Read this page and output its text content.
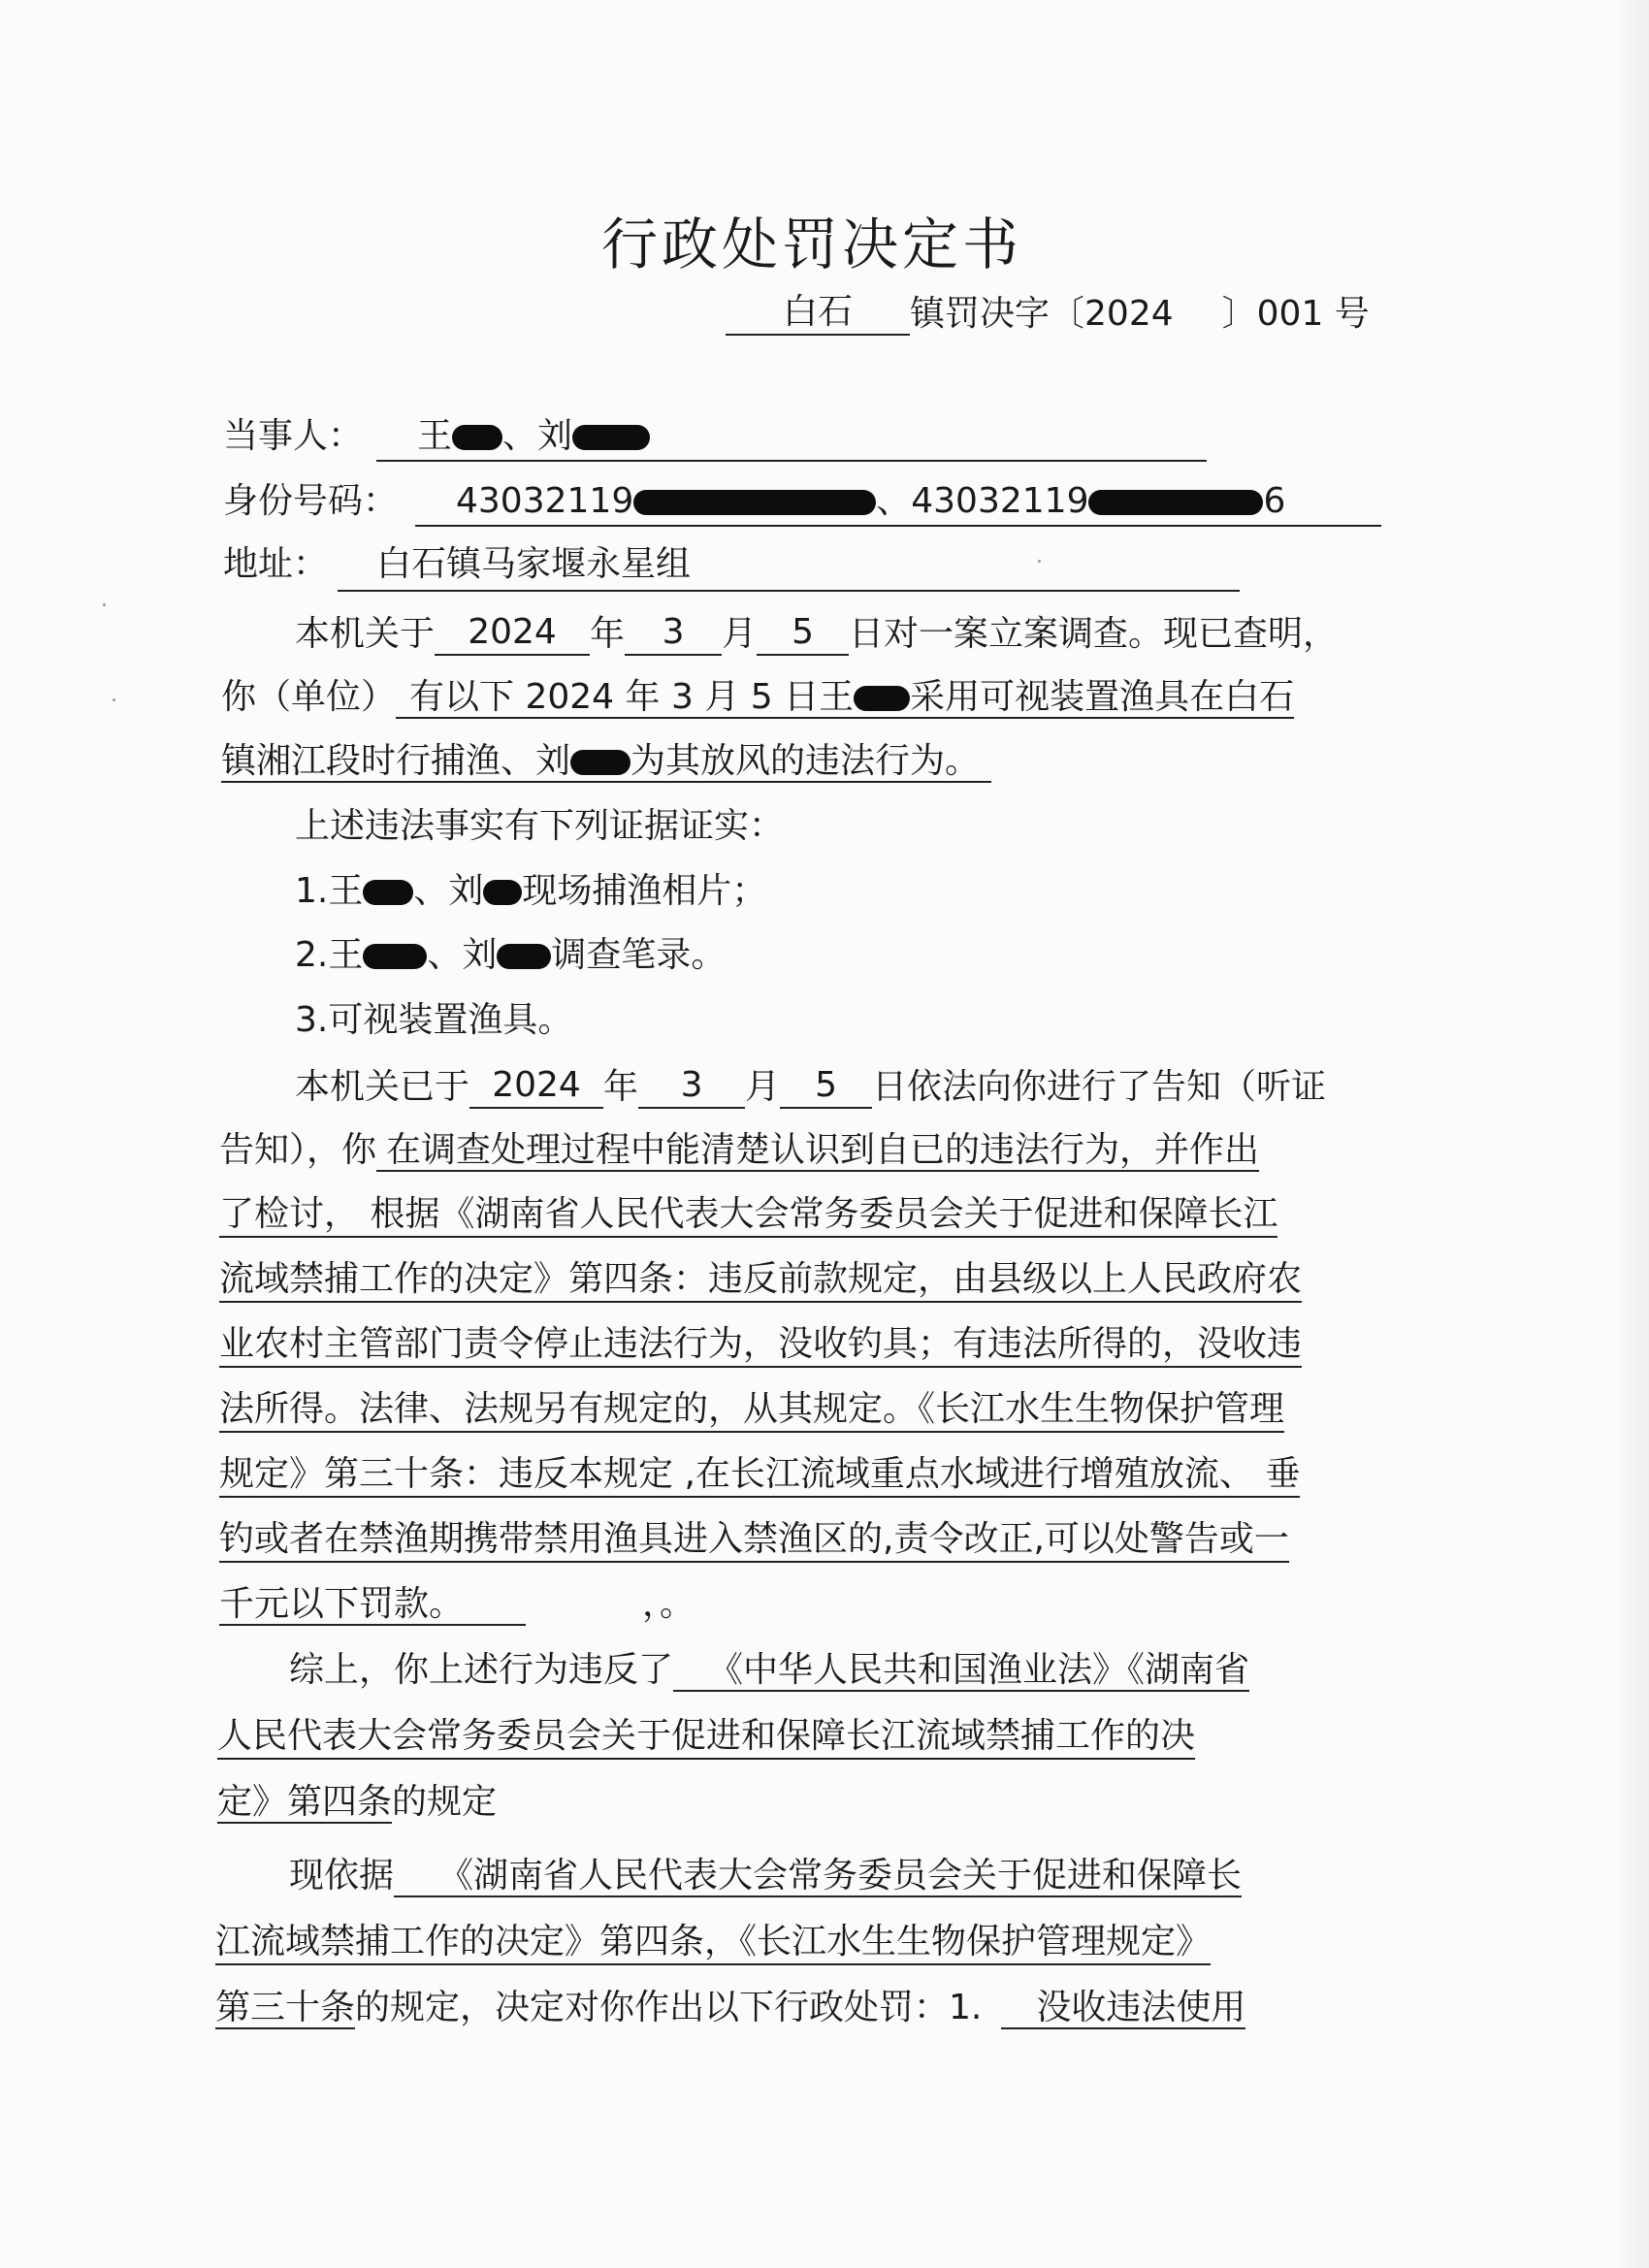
行政处罚决定书
白石 镇罚决字〔2024 〕001 号
当事人： 王 、刘
身份号码： 43032119	、43032119	6
地址： 白石镇马家堰永星组
本机关于 2024 年 3 月 5 日对一案立案调查。现已查明，
你（单位） 有以下 2024 年 3 月 5 日王 采用可视装置渔具在白石
镇湘江段时行捕渔、刘 为其放风的违法行为。
上述违法事实有下列证据证实：
1.王 、刘 现场捕渔相片；
2.王 、刘 调查笔录。
3.可视装置渔具。
本机关已于 2024 年 3 月 5 日依法向你进行了告知（听证
告知），你 在调查处理过程中能清楚认识到自已的违法行为，并作出
了检讨， 根据《湖南省人民代表大会常务委员会关于促进和保障长江
流域禁捕工作的决定》第四条：违反前款规定，由县级以上人民政府农
业农村主管部门责令停止违法行为，没收钓具；有违法所得的，没收违
法所得。法律、法规另有规定的，从其规定。《长江水生生物保护管理
规定》第三十条：违反本规定 ,在长江流域重点水域进行增殖放流、 垂
钓或者在禁渔期携带禁用渔具进入禁渔区的,责令改正,可以处警告或一
千元以下罚款。	，。
综上，你上述行为违反了 《中华人民共和国渔业法》《湖南省
人民代表大会常务委员会关于促进和保障长江流域禁捕工作的决
定》第四条的规定
现依据 《湖南省人民代表大会常务委员会关于促进和保障长
江流域禁捕工作的决定》第四条，《长江水生生物保护管理规定》
第三十条的规定，决定对你作出以下行政处罚：1. 没收违法使用
